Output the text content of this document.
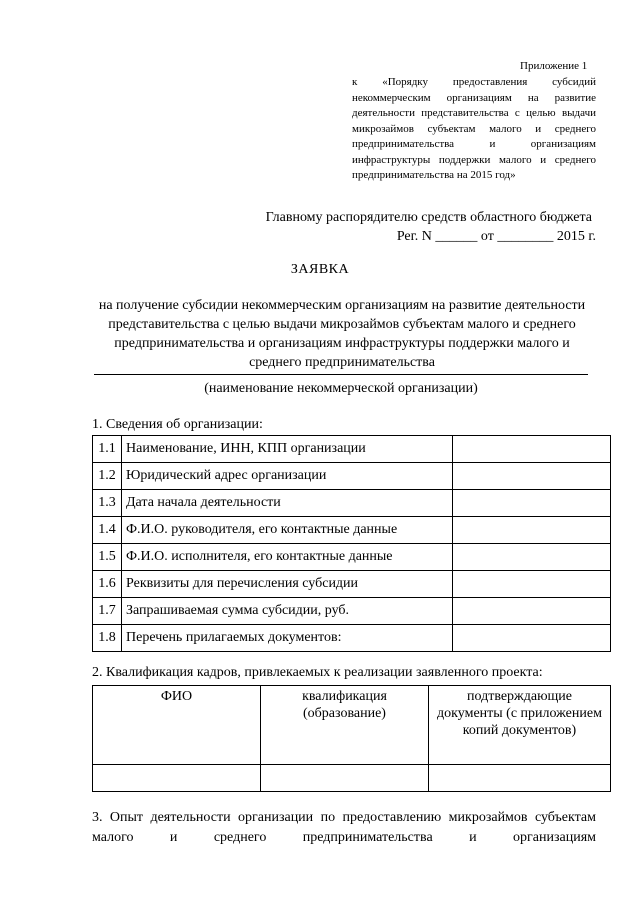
Приложение 1
к «Порядку предоставления субсидий некоммерческим организациям на развитие деятельности представительства с целью выдачи микрозаймов субъектам малого и среднего предпринимательства и организациям инфраструктуры поддержки малого и среднего предпринимательства на 2015 год»
Главному распорядителю средств областного бюджета
Рег. N ______ от ________ 2015 г.
ЗАЯВКА
на получение субсидии некоммерческим организациям на развитие деятельности представительства с целью выдачи микрозаймов субъектам малого и среднего предпринимательства и организациям инфраструктуры поддержки малого и среднего предпринимательства
(наименование некоммерческой организации)
1. Сведения об организации:
1.1	Наименование, ИНН, КПП организации	
1.2	Юридический адрес организации	
1.3	Дата начала деятельности	
1.4	Ф.И.О. руководителя, его контактные данные	
1.5	Ф.И.О. исполнителя, его контактные данные	
1.6	Реквизиты для перечисления субсидии	
1.7	Запрашиваемая сумма субсидии, руб.	
1.8	Перечень прилагаемых документов:	
2. Квалификация кадров, привлекаемых к реализации заявленного проекта:
ФИО	квалификация (образование)	подтверждающие документы (с приложением копий документов)

3. Опыт деятельности организации по предоставлению микрозаймов субъектам малого и среднего предпринимательства и организациям
